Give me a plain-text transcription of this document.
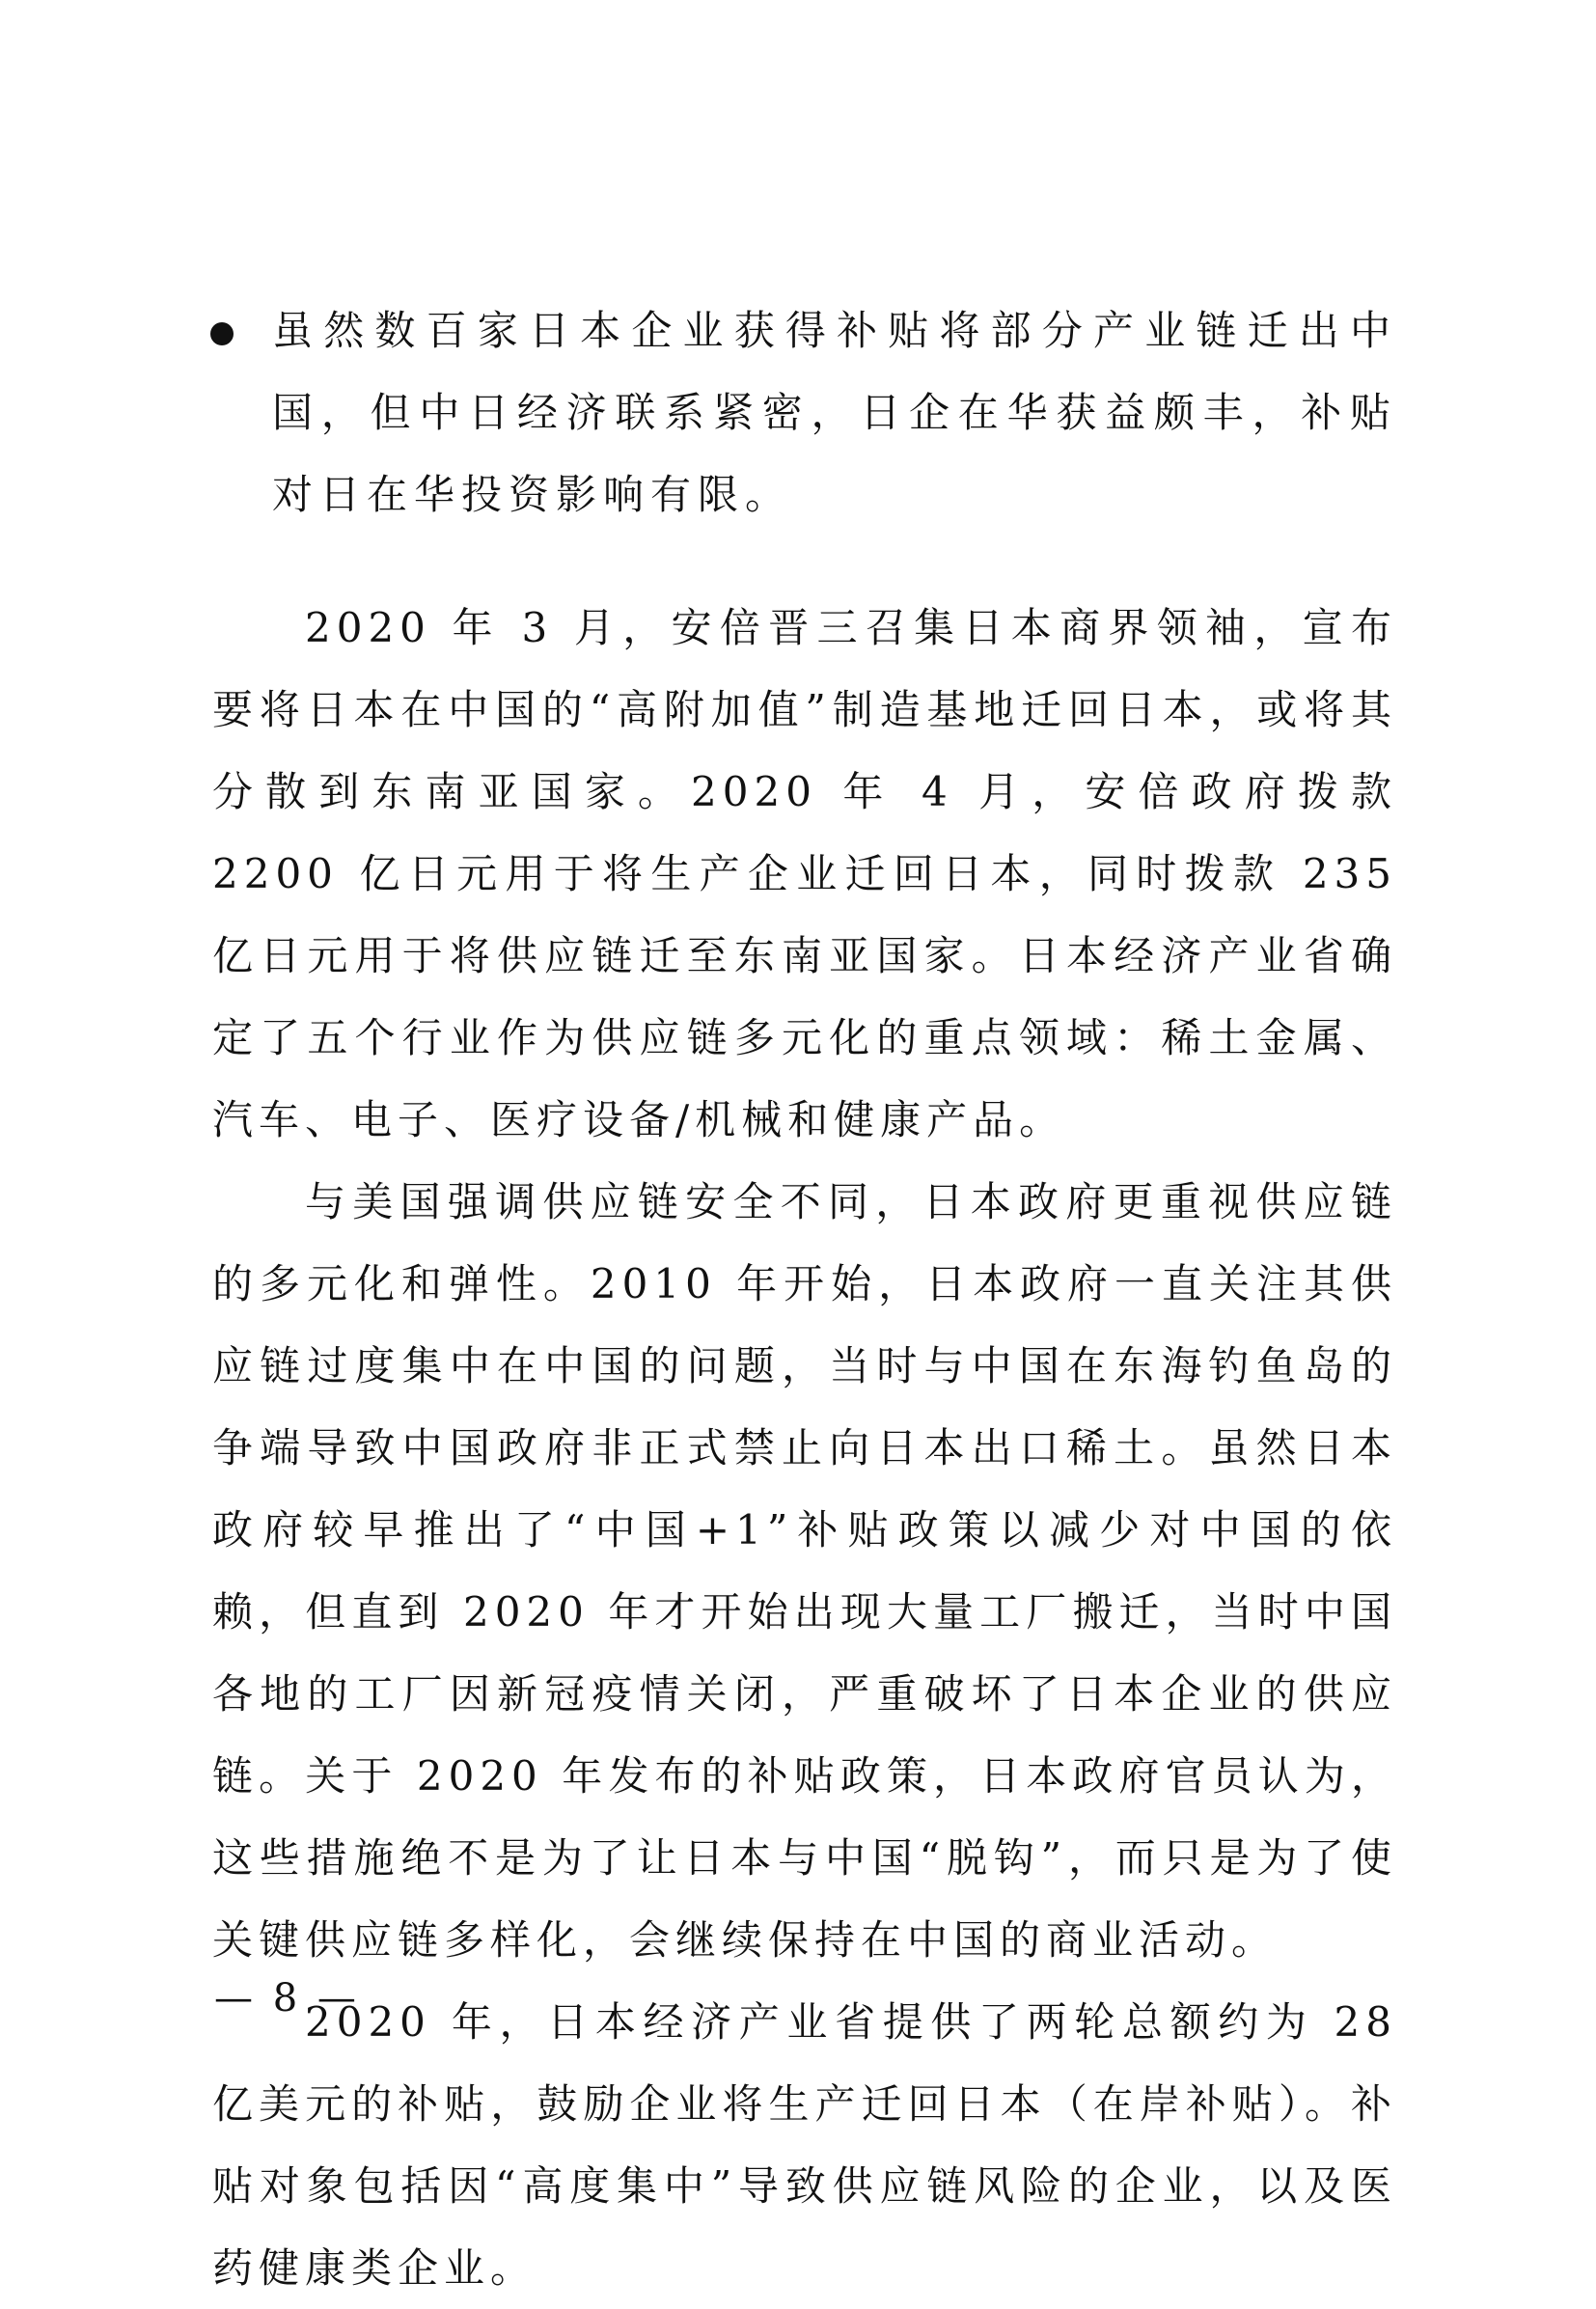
虽然数百家日本企业获得补贴将部分产业链迁出中国，但中日经济联系紧密，日企在华获益颇丰，补贴对日在华投资影响有限。

2020 年 3 月，安倍晋三召集日本商界领袖，宣布要将日本在中国的“高附加值”制造基地迁回日本，或将其分散到东南亚国家。2020 年 4 月，安倍政府拨款 2200 亿日元用于将生产企业迁回日本，同时拨款 235 亿日元用于将供应链迁至东南亚国家。日本经济产业省确定了五个行业作为供应链多元化的重点领域：稀土金属、汽车、电子、医疗设备/机械和健康产品。

与美国强调供应链安全不同，日本政府更重视供应链的多元化和弹性。2010 年开始，日本政府一直关注其供应链过度集中在中国的问题，当时与中国在东海钓鱼岛的争端导致中国政府非正式禁止向日本出口稀土。虽然日本政府较早推出了“中国+1”补贴政策以减少对中国的依赖，但直到 2020 年才开始出现大量工厂搬迁，当时中国各地的工厂因新冠疫情关闭，严重破坏了日本企业的供应链。关于 2020 年发布的补贴政策，日本政府官员认为，这些措施绝不是为了让日本与中国“脱钩”，而只是为了使关键供应链多样化，会继续保持在中国的商业活动。

2020 年，日本经济产业省提供了两轮总额约为 28 亿美元的补贴，鼓励企业将生产迁回日本（在岸补贴）。补贴对象包括因“高度集中”导致供应链风险的企业，以及医药健康类企业。

— 8 —
